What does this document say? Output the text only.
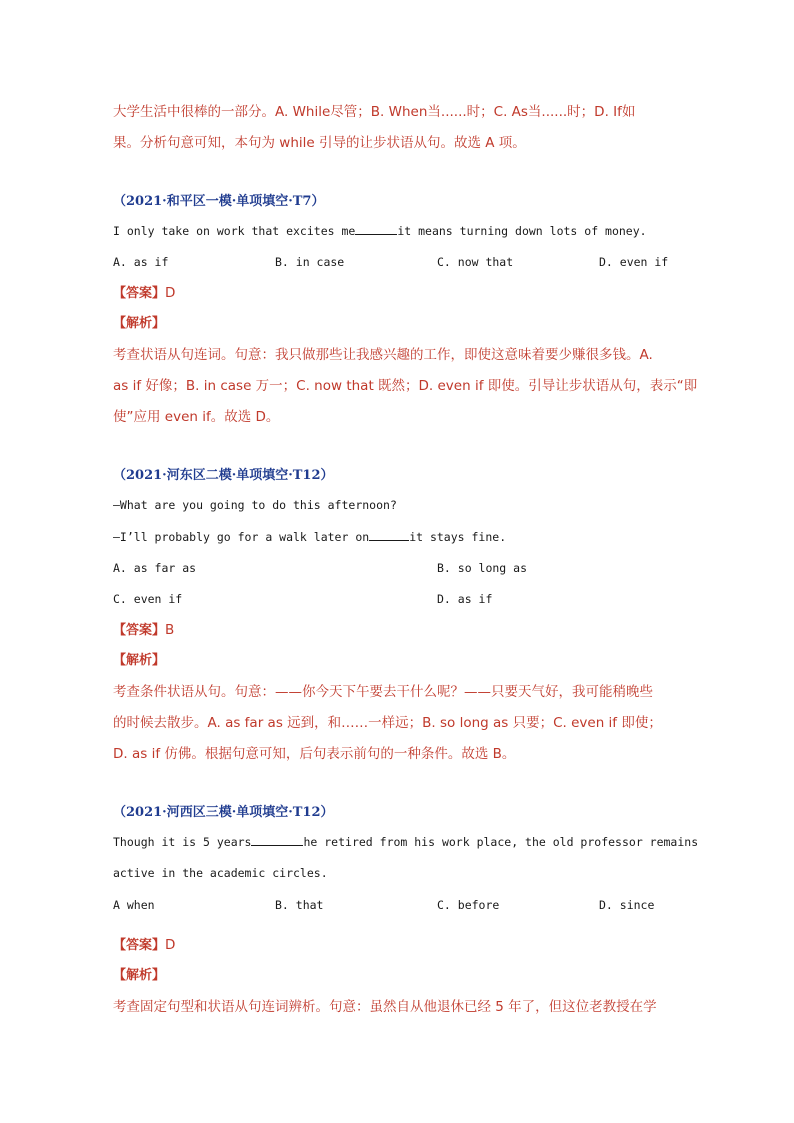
大学生活中很棒的一部分。A. While尽管；B. When当......时；C. As当......时；D. If如
果。分析句意可知，本句为 while 引导的让步状语从句。故选 A 项。
（2021·和平区一模·单项填空·T7）
I only take on work that excites me	it means turning down lots of money.
A. as if	B. in case	C. now that	D. even if
【答案】D
【解析】
考查状语从句连词。句意：我只做那些让我感兴趣的工作，即使这意味着要少赚很多钱。A.
as if 好像；B. in case 万一；C. now that 既然；D. even if 即使。引导让步状语从句，表示“即
使”应用 even if。故选 D。
（2021·河东区二模·单项填空·T12）
—What are you going to do this afternoon?
—I’ll probably go for a walk later on	it stays fine.
A. as far as	B. so long as
C. even if	D. as if
【答案】B
【解析】
考查条件状语从句。句意：——你今天下午要去干什么呢？——只要天气好，我可能稍晚些
的时候去散步。A. as far as 远到，和……一样远；B. so long as 只要；C. even if 即使；
D. as if 仿佛。根据句意可知，后句表示前句的一种条件。故选 B。
（2021·河西区三模·单项填空·T12）
Though it is 5 years	he retired from his work place, the old professor remains
active in the academic circles.
A when	B. that	C. before	D. since
【答案】D
【解析】
考查固定句型和状语从句连词辨析。句意：虽然自从他退休已经 5 年了，但这位老教授在学
